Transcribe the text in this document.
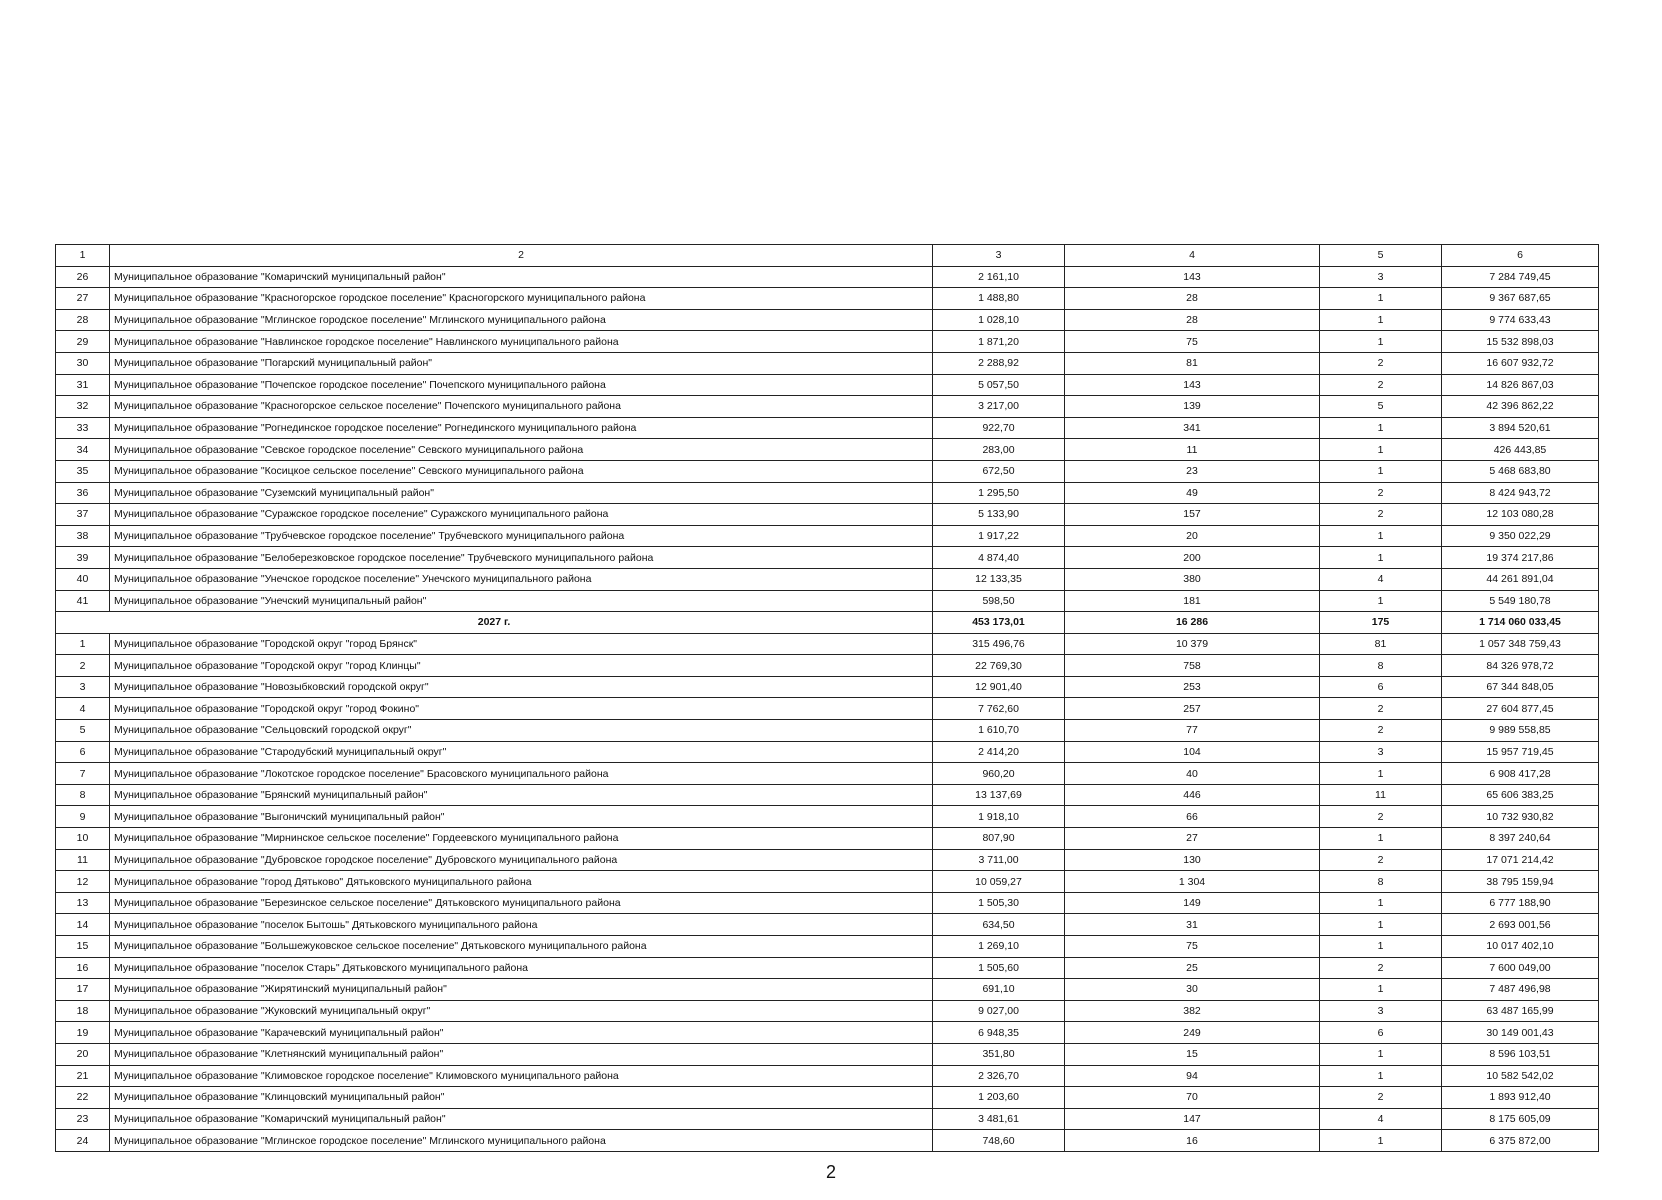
1	2	3	4	5	6
26	Муниципальное образование "Комаричский муниципальный район"	2 161,10	143	3	7 284 749,45
27	Муниципальное образование "Красногорское городское поселение" Красногорского муниципального района	1 488,80	28	1	9 367 687,65
28	Муниципальное образование "Мглинское городское поселение" Мглинского муниципального района	1 028,10	28	1	9 774 633,43
29	Муниципальное образование "Навлинское городское поселение" Навлинского муниципального района	1 871,20	75	1	15 532 898,03
30	Муниципальное образование "Погарский муниципальный район"	2 288,92	81	2	16 607 932,72
31	Муниципальное образование "Почепское городское поселение" Почепского муниципального района	5 057,50	143	2	14 826 867,03
32	Муниципальное образование "Красногорское сельское поселение" Почепского муниципального района	3 217,00	139	5	42 396 862,22
33	Муниципальное образование "Рогнединское городское поселение" Рогнединского муниципального района	922,70	341	1	3 894 520,61
34	Муниципальное образование "Севское городское поселение" Севского муниципального района	283,00	11	1	426 443,85
35	Муниципальное образование "Косицкое сельское поселение" Севского муниципального района	672,50	23	1	5 468 683,80
36	Муниципальное образование "Суземский муниципальный район"	1 295,50	49	2	8 424 943,72
37	Муниципальное образование "Суражское городское поселение" Суражского муниципального района	5 133,90	157	2	12 103 080,28
38	Муниципальное образование "Трубчевское городское поселение" Трубчевского муниципального района	1 917,22	20	1	9 350 022,29
39	Муниципальное образование "Белоберезковское городское поселение" Трубчевского муниципального района	4 874,40	200	1	19 374 217,86
40	Муниципальное образование "Унечское городское поселение" Унечского муниципального района	12 133,35	380	4	44 261 891,04
41	Муниципальное образование "Унечский муниципальный район"	598,50	181	1	5 549 180,78
2027 г.		453 173,01	16 286	175	1 714 060 033,45
1	Муниципальное образование "Городской округ "город Брянск"	315 496,76	10 379	81	1 057 348 759,43
2	Муниципальное образование "Городской округ "город Клинцы"	22 769,30	758	8	84 326 978,72
3	Муниципальное образование "Новозыбковский городской округ"	12 901,40	253	6	67 344 848,05
4	Муниципальное образование "Городской округ "город Фокино"	7 762,60	257	2	27 604 877,45
5	Муниципальное образование "Сельцовский городской округ"	1 610,70	77	2	9 989 558,85
6	Муниципальное образование "Стародубский муниципальный округ"	2 414,20	104	3	15 957 719,45
7	Муниципальное образование "Локотское городское поселение" Брасовского муниципального района	960,20	40	1	6 908 417,28
8	Муниципальное образование "Брянский муниципальный район"	13 137,69	446	11	65 606 383,25
9	Муниципальное образование "Выгоничский муниципальный район"	1 918,10	66	2	10 732 930,82
10	Муниципальное образование "Мирнинское сельское поселение" Гордеевского муниципального района	807,90	27	1	8 397 240,64
11	Муниципальное образование "Дубровское городское поселение" Дубровского муниципального района	3 711,00	130	2	17 071 214,42
12	Муниципальное образование "город Дятьково" Дятьковского муниципального района	10 059,27	1 304	8	38 795 159,94
13	Муниципальное образование "Березинское сельское поселение" Дятьковского муниципального района	1 505,30	149	1	6 777 188,90
14	Муниципальное образование "поселок Бытошь" Дятьковского муниципального района	634,50	31	1	2 693 001,56
15	Муниципальное образование "Большежуковское сельское поселение" Дятьковского муниципального района	1 269,10	75	1	10 017 402,10
16	Муниципальное образование "поселок Старь" Дятьковского муниципального района	1 505,60	25	2	7 600 049,00
17	Муниципальное образование "Жирятинский муниципальный район"	691,10	30	1	7 487 496,98
18	Муниципальное образование "Жуковский муниципальный округ"	9 027,00	382	3	63 487 165,99
19	Муниципальное образование "Карачевский муниципальный район"	6 948,35	249	6	30 149 001,43
20	Муниципальное образование "Клетнянский муниципальный район"	351,80	15	1	8 596 103,51
21	Муниципальное образование "Климовское городское поселение" Климовского муниципального района	2 326,70	94	1	10 582 542,02
22	Муниципальное образование "Клинцовский муниципальный район"	1 203,60	70	2	1 893 912,40
23	Муниципальное образование "Комаричский муниципальный район"	3 481,61	147	4	8 175 605,09
24	Муниципальное образование "Мглинское городское поселение" Мглинского муниципального района	748,60	16	1	6 375 872,00
2
